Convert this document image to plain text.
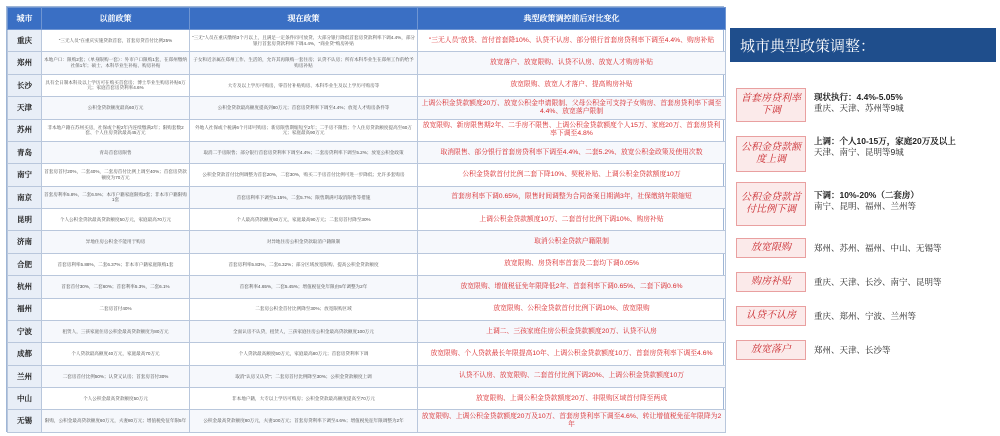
城市	以前政策	现在政策	典型政策调控前后对比变化
重庆	"三无人员"在重庆实施贷款首套，首套房贷首付比例25%	"三无"人员在重庆缴纳3个月以上，且满足一定条件同可放贷、大部分银行降低首套房贷款利率下调4.4%，部分银行首套房贷款利率下调4.4%，"商业贷"购房补贴	"三无人员"放贷、首付首套降10%、认贷不认房、部分银行首套房贷利率下调至4.4%、购房补贴
郑州	本地户口：限购2套；（单身限购一套）：外市户口限购1套，在郑州缴纳社保1年；硕士、本科毕业生补贴、购房补贴	子女和近亲属在郑州工作、生活的，允许其再限购一套住房；认贷不认房；所有本科毕业生在郑州工作的给予购房补贴	放宽落户、放宽限购、认贷不认房、放宽人才购房补贴
长沙	具有全日制本科及以上学历可在购买首套房；博士毕业生购房补贴6万元；家庭首套房贷利率4.6%	大专及以上学历可购房，零首付补贴购房、本科毕业生及以上学历可购房等	放宽限购、放宽人才落户、提高购房补贴
天津	公积金贷款额度最高60万元	公积金贷款最高额度提高到80万元；首套房贷利率下调至4.4%；放宽人才购房条件等	上调公积金贷款额度20万、放宽公积金申请限制、父母公积金可支持子女购房、首套房贷利率下调至4.4%、放宽落户限制
苏州	非本地户籍在苏州买房，社保或个税2年内连续缴满2年；限购套数2套、个人住房贷款最高45万元	外地人社保或个税满6个月即可购房；新房限售期缩短至2年；二手房不限售；个人住房贷款额度提高至60万元；家庭最高90万元	放宽限购、新房限售期2年、二手房不限售、上调公积金贷款额度个人15万、家庭20万、首套房贷利率下调至4.8%
青岛	青岛首套房限售	取消二手房限售；部分银行首套房贷利率下调至4.4%；二套房贷利率下调至5.2%；放宽公积金政策	取消限售、部分银行首套房贷利率下调至4.4%、二套5.2%、放宽公积金政策及使用次数
南宁	首套房首付20%，二套40%，二套房首付比例上调至40%；首套房贷款额度为70万元	公积金贷款首付比例调整为首套20%，二套30%，购买二手房首付比例可进一步降低；允许多套购房	公积金贷款首付比例二套下降10%、契税补贴、上调公积金贷款额度10万
南京	首套房利率5.8%，二套6.5%；本市户籍家庭限购2套；非本市户籍限购1套	首套房利率下调至5.15%，二套5.7%；限售期满可取消限售等措施	首套房利率下调0.65%，限售时间调整为合同备案日期满3年，社保缴纳年限缩短
昆明	个人公积金贷款最高贷款额度50万元，家庭最高70万元	个人最高贷款额度60万元，家庭最高90万元；二套房首付降至30%	上调公积金贷款额度10万、二套首付比例下调10%、购房补贴
济南	异地住房公积金不能用于购房	对异地住房公积金贷款取消户籍限制	取消公积金贷款户籍限制
合肥	首套房利率5.88%，二套6.37%；非本市户籍家庭限购1套	首套房利率5.83%，二套6.32%；部分区域放宽限购、提高公积金贷款额度	放宽限购、房贷利率首套及二套均下调0.05%
杭州	首套首付30%，二套60%；首套利率5.3%，二套6.1%	首套利率4.65%，二套5.45%；增值税征免年限由5年调整为2年	放宽限购、增值税征免年限降低2年、首套利率下调0.65%、二套下调0.6%
福州	二套房首付40%	二套房公积金首付比例降至30%；放宽限购区域	放宽限购、公积金贷款首付比例下调10%、放宽限购
宁波	租赁人，三孩家庭住房公积金最高贷款额度为80万元	全面认房不认贷，租赁人，三孩家庭住房公积金最高贷款额度100万元	上调二、三孩家庭住房公积金贷款额度20万、认贷不认房
成都	个人贷款最高额度40万元，家庭最高70万元	个人贷款最高额度50万元，家庭最高80万元；首套房贷利率下调	放宽限购、个人贷款最长年限提高10年、上调公积金贷款额度10万、首套房贷利率下调至4.6%
兰州	二套房首付比例50%；认贷又认房；首套房首付30%	取消"认房又认贷"；二套房首付比例降至30%；公积金贷款额度上调	认贷不认房、放宽限购、二套首付比例下调20%、上调公积金贷款额度10万
中山	个人公积金最高贷款额度50万元	非本地户籍，大专以上学历可购房；公积金贷款最高额度提高至70万元	放宽限购、上调公积金贷款额度20万、非限购区域首付降至两成
无锡	限购，公积金最高贷款额度60万元，夫妻80万元；增值税免征年限5年	公积金最高贷款额度80万元，夫妻100万元；首套房贷利率下调至4.6%；增值税免征年限调整为2年	放宽限购、上调公积金贷款额度20万及10万、首套房贷利率下调至4.6%、转让增值税免征年限降为2年
城市典型政策调整：
首套房贷利率下调
现状执行：4.4%-5.05%
重庆、天津、苏州等9城
公积金贷款额度上调
上调：个人10-15万，家庭20万及以上
天津、南宁、昆明等9城
公积金贷款首付比例下调
下调：10%-20%（二套房）
南宁、昆明、福州、兰州等
放宽限购	郑州、苏州、福州、中山、无锡等
购房补贴	重庆、天津、长沙、南宁、昆明等
认贷不认房	重庆、郑州、宁波、兰州等
放宽落户	郑州、天津、长沙等
